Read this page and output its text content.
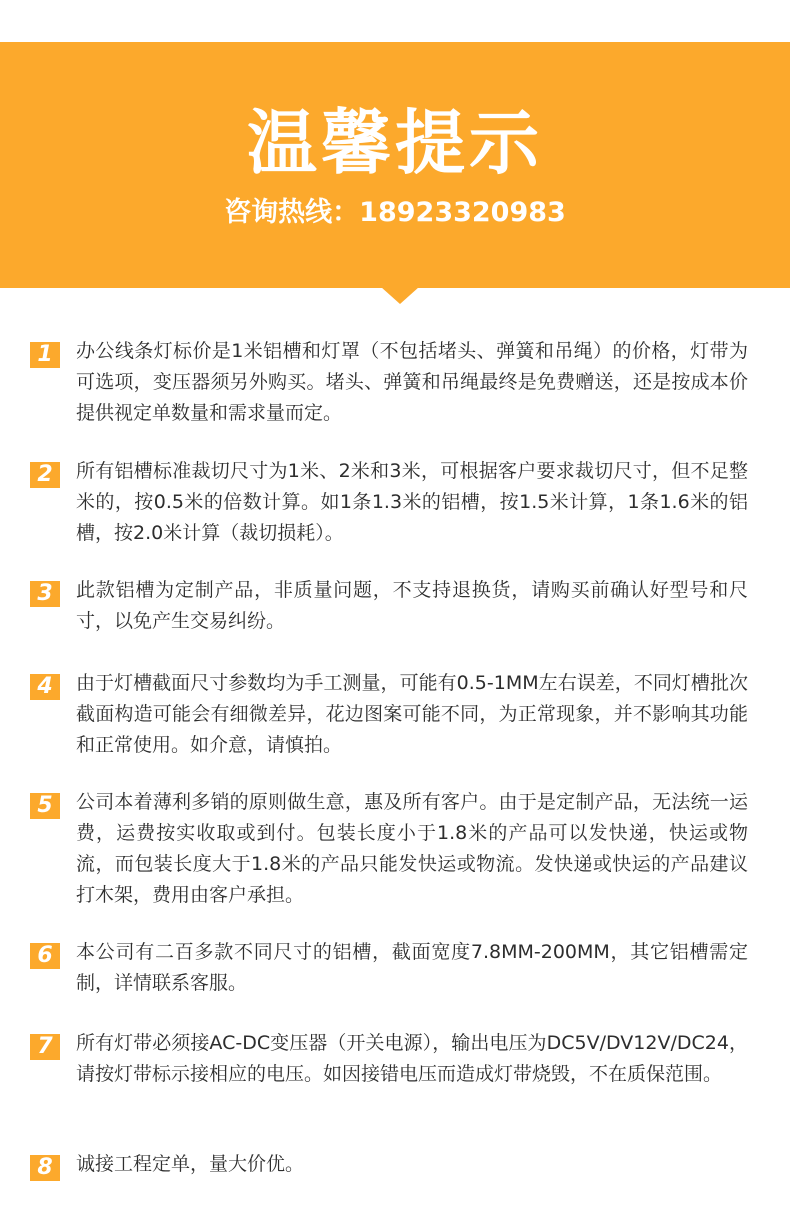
温馨提示
咨询热线：18923320983
1	办公线条灯标价是1米铝槽和灯罩（不包括堵头、弹簧和吊绳）的价格，灯带为可选项，变压器须另外购买。堵头、弹簧和吊绳最终是免费赠送，还是按成本价提供视定单数量和需求量而定。
2	所有铝槽标准裁切尺寸为1米、2米和3米，可根据客户要求裁切尺寸，但不足整米的，按0.5米的倍数计算。如1条1.3米的铝槽，按1.5米计算，1条1.6米的铝槽，按2.0米计算（裁切损耗）。
3	此款铝槽为定制产品，非质量问题，不支持退换货，请购买前确认好型号和尺寸，以免产生交易纠纷。
4	由于灯槽截面尺寸参数均为手工测量，可能有0.5-1MM左右误差，不同灯槽批次截面构造可能会有细微差异，花边图案可能不同，为正常现象，并不影响其功能和正常使用。如介意，请慎拍。
5	公司本着薄利多销的原则做生意，惠及所有客户。由于是定制产品，无法统一运费，运费按实收取或到付。包装长度小于1.8米的产品可以发快递，快运或物流，而包装长度大于1.8米的产品只能发快运或物流。发快递或快运的产品建议打木架，费用由客户承担。
6	本公司有二百多款不同尺寸的铝槽，截面宽度7.8MM-200MM，其它铝槽需定制，详情联系客服。
7	所有灯带必须接AC-DC变压器（开关电源），输出电压为DC5V/DV12V/DC24，请按灯带标示接相应的电压。如因接错电压而造成灯带烧毁，不在质保范围。
8	诚接工程定单，量大价优。
